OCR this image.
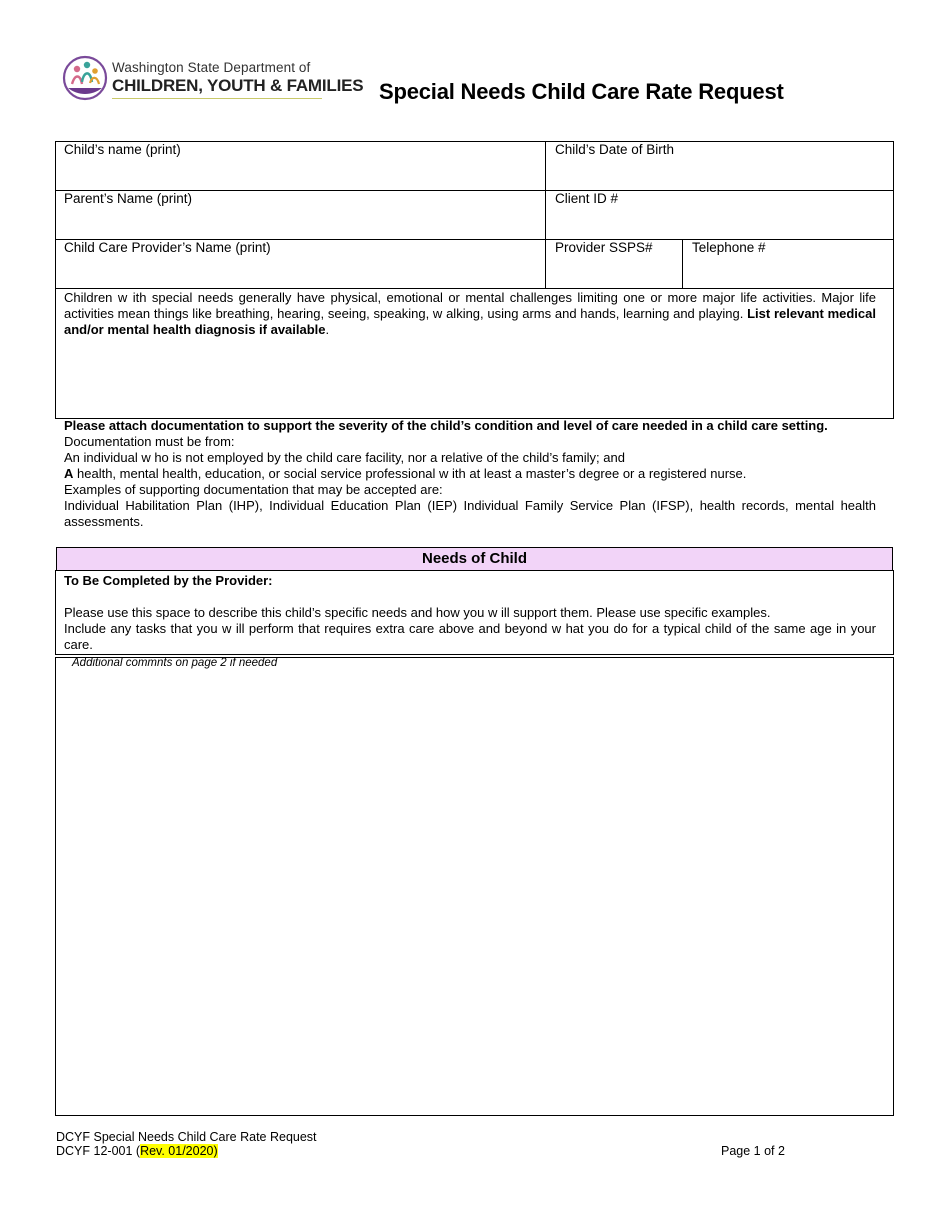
Washington State Department of
CHILDREN, YOUTH & FAMILIES Special Needs Child Care Rate Request
Child’s name (print)	Child’s Date of Birth
Parent’s Name (print)	Client ID #
Child Care Provider’s Name (print)	Provider SSPS#	Telephone #
Children w ith special needs generally have physical, emotional or mental challenges limiting one or more major life activities. Major life activities mean things like breathing, hearing, seeing, speaking, w alking, using arms and hands, learning and playing. List relevant medical and/or mental health diagnosis if available.
Please attach documentation to support the severity of the child’s condition and level of care needed in a child care setting.
Documentation must be from:
An individual w ho is not employed by the child care facility, nor a relative of the child’s family; and
A health, mental health, education, or social service professional w ith at least a master’s degree or a registered nurse.
Examples of supporting documentation that may be accepted are:
Individual Habilitation Plan (IHP), Individual Education Plan (IEP) Individual Family Service Plan (IFSP), health records, mental health assessments.
Needs of Child
To Be Completed by the Provider:
Please use this space to describe this child’s specific needs and how you w ill support them. Please use specific examples.
Include any tasks that you w ill perform that requires extra care above and beyond w hat you do for a typical child of the same age in your care.
Additional commnts on page 2 if needed
DCYF Special Needs Child Care Rate Request
DCYF 12-001 (Rev. 01/2020)	Page 1 of 2
